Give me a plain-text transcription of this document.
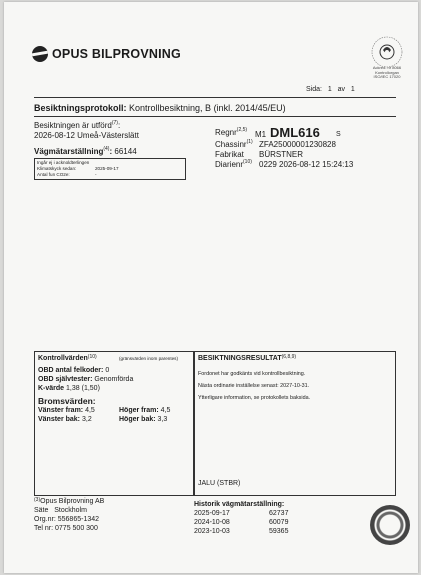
OPUS BILPROVNING
Ackred. nr 8066
Kontrollorgan
ISO/IEC 17020
Sida: 1 av 1
Besiktningsprotokoll: Kontrollbesiktning, B (inkl. 2014/45/EU)
Besiktningen är utförd$^{(7)}$:
2026-08-12 Umeå-Västerslätt
Vägmätarställning$^{(4)}$: 66144
Ingår ej i acknoldterlingen
Klimatskyck sedan:	2025-09-17
Antal fun CO2e:	-
Regnr$^{(2,5)}$ M1 DML616 S
Chassinr$^{(1)}$ ZFA25000001230828
Fabrikat BÜRSTNER
Diarienr$^{(10)}$ 0229 2026-08-12 15:24:13
Kontrollvärden$^{(10)}$	(gränsvärden inom parentes)
OBD antal felkoder: 0
OBD självtester: Genomförda
K-värde 1,38 (1,50)
Bromsvärden:
Vänster fram: 4,5	Höger fram: 4,5
Vänster bak: 3,2	Höger bak: 3,3
BESIKTNINGSRESULTAT$^{(6,8,9)}$
Fordonet har godkänts vid kontrollbesiktning.
Nästa ordinarie inställelse senast: 2027-10-31.
Ytterligare information, se protokollets baksida.
JALU (STBR)
$^{(3)}$Opus Bilprovning AB
Säte Stockholm
Org.nr: 556865-1342
Tel nr: 0775 500 300
Historik vägmätarställning:
2025-09-17	62737
2024-10-08	60079
2023-10-03	59365
